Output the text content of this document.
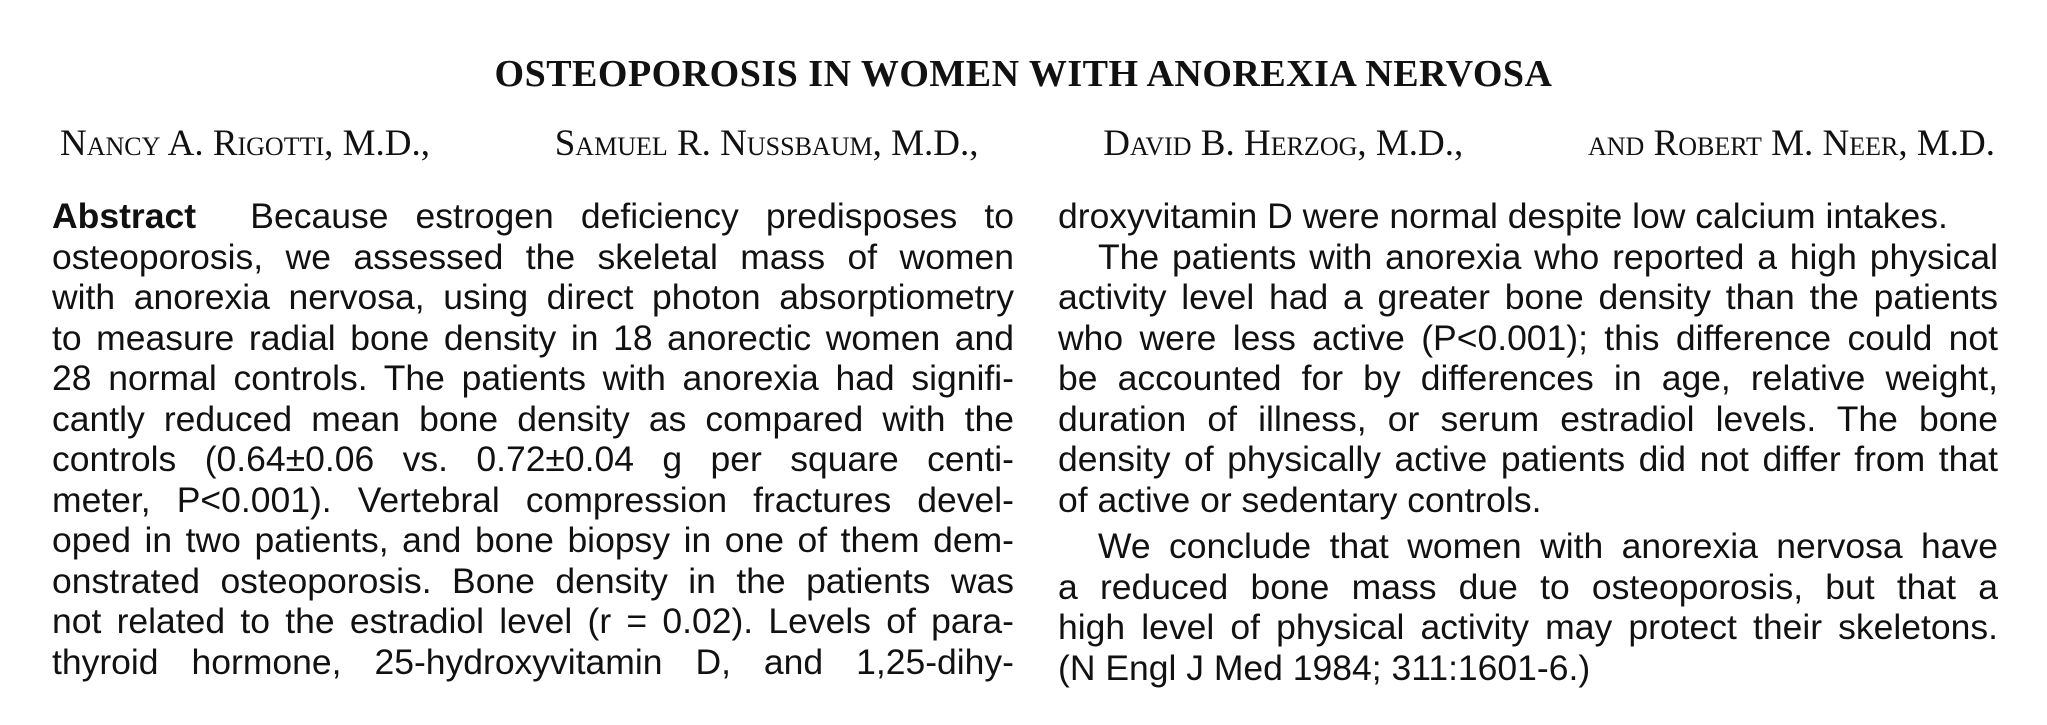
OSTEOPOROSIS IN WOMEN WITH ANOREXIA NERVOSA
Nancy A. Rigotti, M.D.,	Samuel R. Nussbaum, M.D.,	David B. Herzog, M.D.,	and Robert M. Neer, M.D.
Abstract Because estrogen deficiency predisposes to
osteoporosis, we assessed the skeletal mass of women
with anorexia nervosa, using direct photon absorptiometry
to measure radial bone density in 18 anorectic women and
28 normal controls. The patients with anorexia had signifi-
cantly reduced mean bone density as compared with the
controls (0.64±0.06 vs. 0.72±0.04 g per square centi-
meter, P<0.001). Vertebral compression fractures devel-
oped in two patients, and bone biopsy in one of them dem-
onstrated osteoporosis. Bone density in the patients was
not related to the estradiol level (r = 0.02). Levels of para-
thyroid hormone, 25-hydroxyvitamin D, and 1,25-dihy-
droxyvitamin D were normal despite low calcium intakes.
The patients with anorexia who reported a high physical
activity level had a greater bone density than the patients
who were less active (P<0.001); this difference could not
be accounted for by differences in age, relative weight,
duration of illness, or serum estradiol levels. The bone
density of physically active patients did not differ from that
of active or sedentary controls.
We conclude that women with anorexia nervosa have
a reduced bone mass due to osteoporosis, but that a
high level of physical activity may protect their skeletons.
(N Engl J Med 1984; 311:1601-6.)
